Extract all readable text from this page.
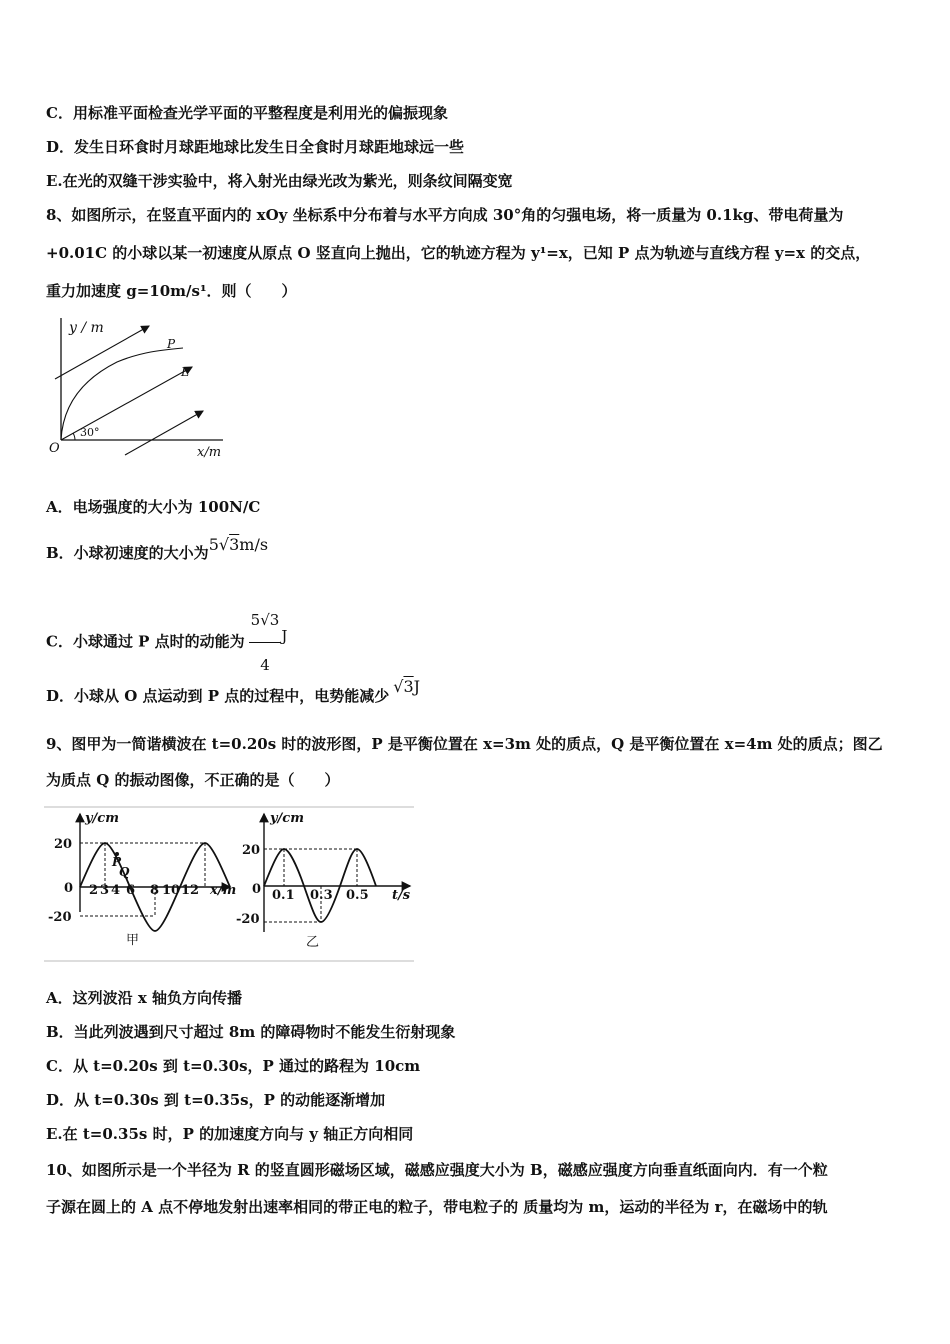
C．用标准平面检查光学平面的平整程度是利用光的偏振现象
D．发生日环食时月球距地球比发生日全食时月球距地球远一些
E.在光的双缝干涉实验中，将入射光由绿光改为紫光，则条纹间隔变宽
8、如图所示，在竖直平面内的 xOy 坐标系中分布着与水平方向成 30°角的匀强电场，将一质量为 0.1kg、带电荷量为
+0.01C 的小球以某一初速度从原点 O 竖直向上抛出，它的轨迹方程为 y¹=x，已知 P 点为轨迹与直线方程 y=x 的交点，
重力加速度 g=10m/s¹．则（　　）
y / m
P
E
30°
O	x/m
A．电场强度的大小为 100N/C
B．小球初速度的大小为5√3m/s
C．小球通过 P 点时的动能为 $\frac{5√3}{4}$ J
D．小球从 O 点运动到 P 点的过程中，电势能减少 √3J
9、图甲为一简谐横波在 t=0.20s 时的波形图，P 是平衡位置在 x=3m 处的质点，Q 是平衡位置在 x=4m 处的质点；图乙
为质点 Q 的振动图像，不正确的是（　　）
y/cm
20
0
-20
P
Q
2 3 4 6 8 10 12 x/m
甲
y/cm
20
0
-20
0.1 0.3 0.5 t/s
乙
A．这列波沿 x 轴负方向传播
B．当此列波遇到尺寸超过 8m 的障碍物时不能发生衍射现象
C．从 t=0.20s 到 t=0.30s，P 通过的路程为 10cm
D．从 t=0.30s 到 t=0.35s，P 的动能逐渐增加
E.在 t=0.35s 时，P 的加速度方向与 y 轴正方向相同
10、如图所示是一个半径为 R 的竖直圆形磁场区域，磁感应强度大小为 B，磁感应强度方向垂直纸面向内．有一个粒
子源在圆上的 A 点不停地发射出速率相同的带正电的粒子，带电粒子的 质量均为 m，运动的半径为 r，在磁场中的轨
